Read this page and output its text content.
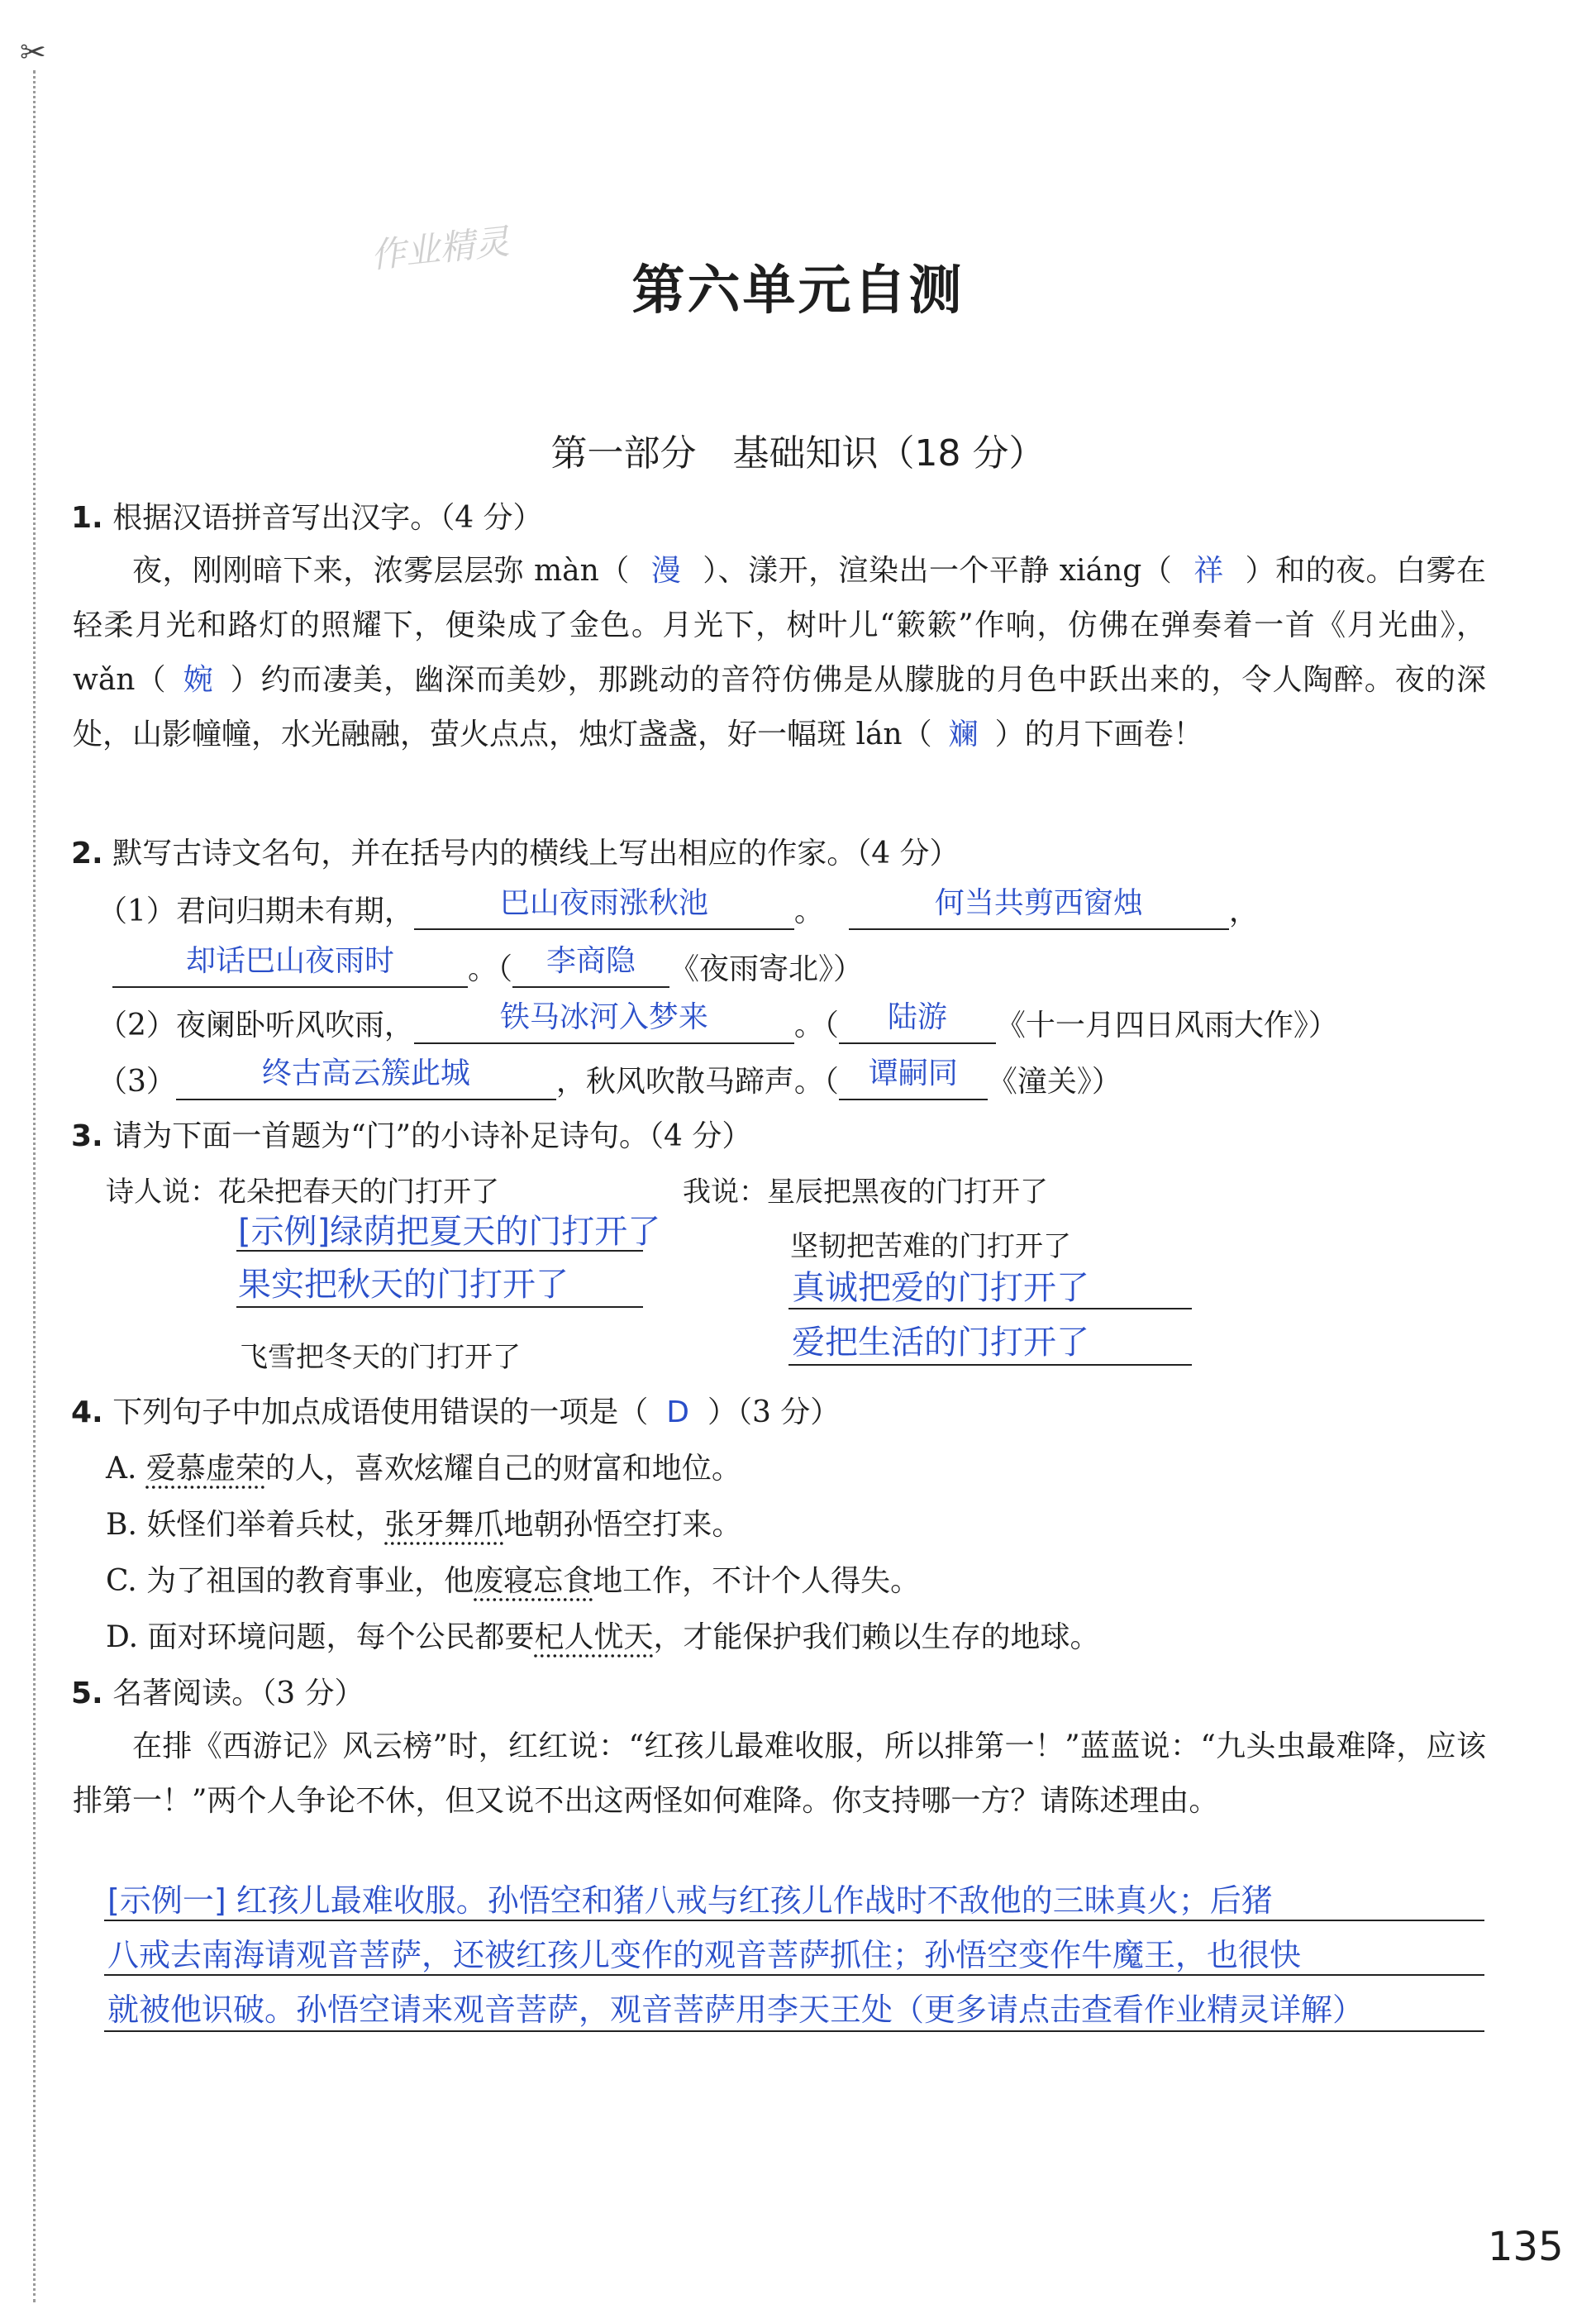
✂
作业精灵
第六单元自测
第一部分　基础知识（18 分）
1. 根据汉语拼音写出汉字。（4 分）
夜，刚刚暗下来，浓雾层层弥 màn（ 漫 ）、漾开，渲染出一个平静 xiáng（ 祥 ）和的夜。白雾在轻柔月光和路灯的照耀下，便染成了金色。月光下，树叶儿“簌簌”作响，仿佛在弹奏着一首《月光曲》，wǎn（ 婉 ）约而凄美，幽深而美妙，那跳动的音符仿佛是从朦胧的月色中跃出来的，令人陶醉。夜的深处，山影幢幢，水光融融，萤火点点，烛灯盏盏，好一幅斑 lán（ 斓 ）的月下画卷！
2. 默写古诗文名句，并在括号内的横线上写出相应的作家。（4 分）
（1）君问归期未有期，	巴山夜雨涨秋池	。	何当共剪西窗烛	，
却话巴山夜雨时 。（ 李商隐 《夜雨寄北》）
（2）夜阑卧听风吹雨，	铁马冰河入梦来	。（ 陆游 《十一月四日风雨大作》）
（3）	终古高云簇此城	，秋风吹散马蹄声。（ 谭嗣同 《潼关》）
3. 请为下面一首题为“门”的小诗补足诗句。（4 分）
诗人说：花朵把春天的门打开了	我说：星辰把黑夜的门打开了
[示例]绿荫把夏天的门打开了
果实把秋天的门打开了
飞雪把冬天的门打开了
坚韧把苦难的门打开了
真诚把爱的门打开了
爱把生活的门打开了
4. 下列句子中加点成语使用错误的一项是（ D ）（3 分）
A. 爱慕虚荣的人，喜欢炫耀自己的财富和地位。
B. 妖怪们举着兵杖，张牙舞爪地朝孙悟空打来。
C. 为了祖国的教育事业，他废寝忘食地工作，不计个人得失。
D. 面对环境问题，每个公民都要杞人忧天，才能保护我们赖以生存的地球。
5. 名著阅读。（3 分）
在排《西游记》风云榜”时，红红说：“红孩儿最难收服，所以排第一！”蓝蓝说：“九头虫最难降，应该排第一！”两个人争论不休，但又说不出这两怪如何难降。你支持哪一方？请陈述理由。
[示例一] 红孩儿最难收服。孙悟空和猪八戒与红孩儿作战时不敌他的三昧真火；后猪
八戒去南海请观音菩萨，还被红孩儿变作的观音菩萨抓住；孙悟空变作牛魔王，也很快
就被他识破。孙悟空请来观音菩萨，观音菩萨用李天王处（更多请点击查看作业精灵详解）
135
